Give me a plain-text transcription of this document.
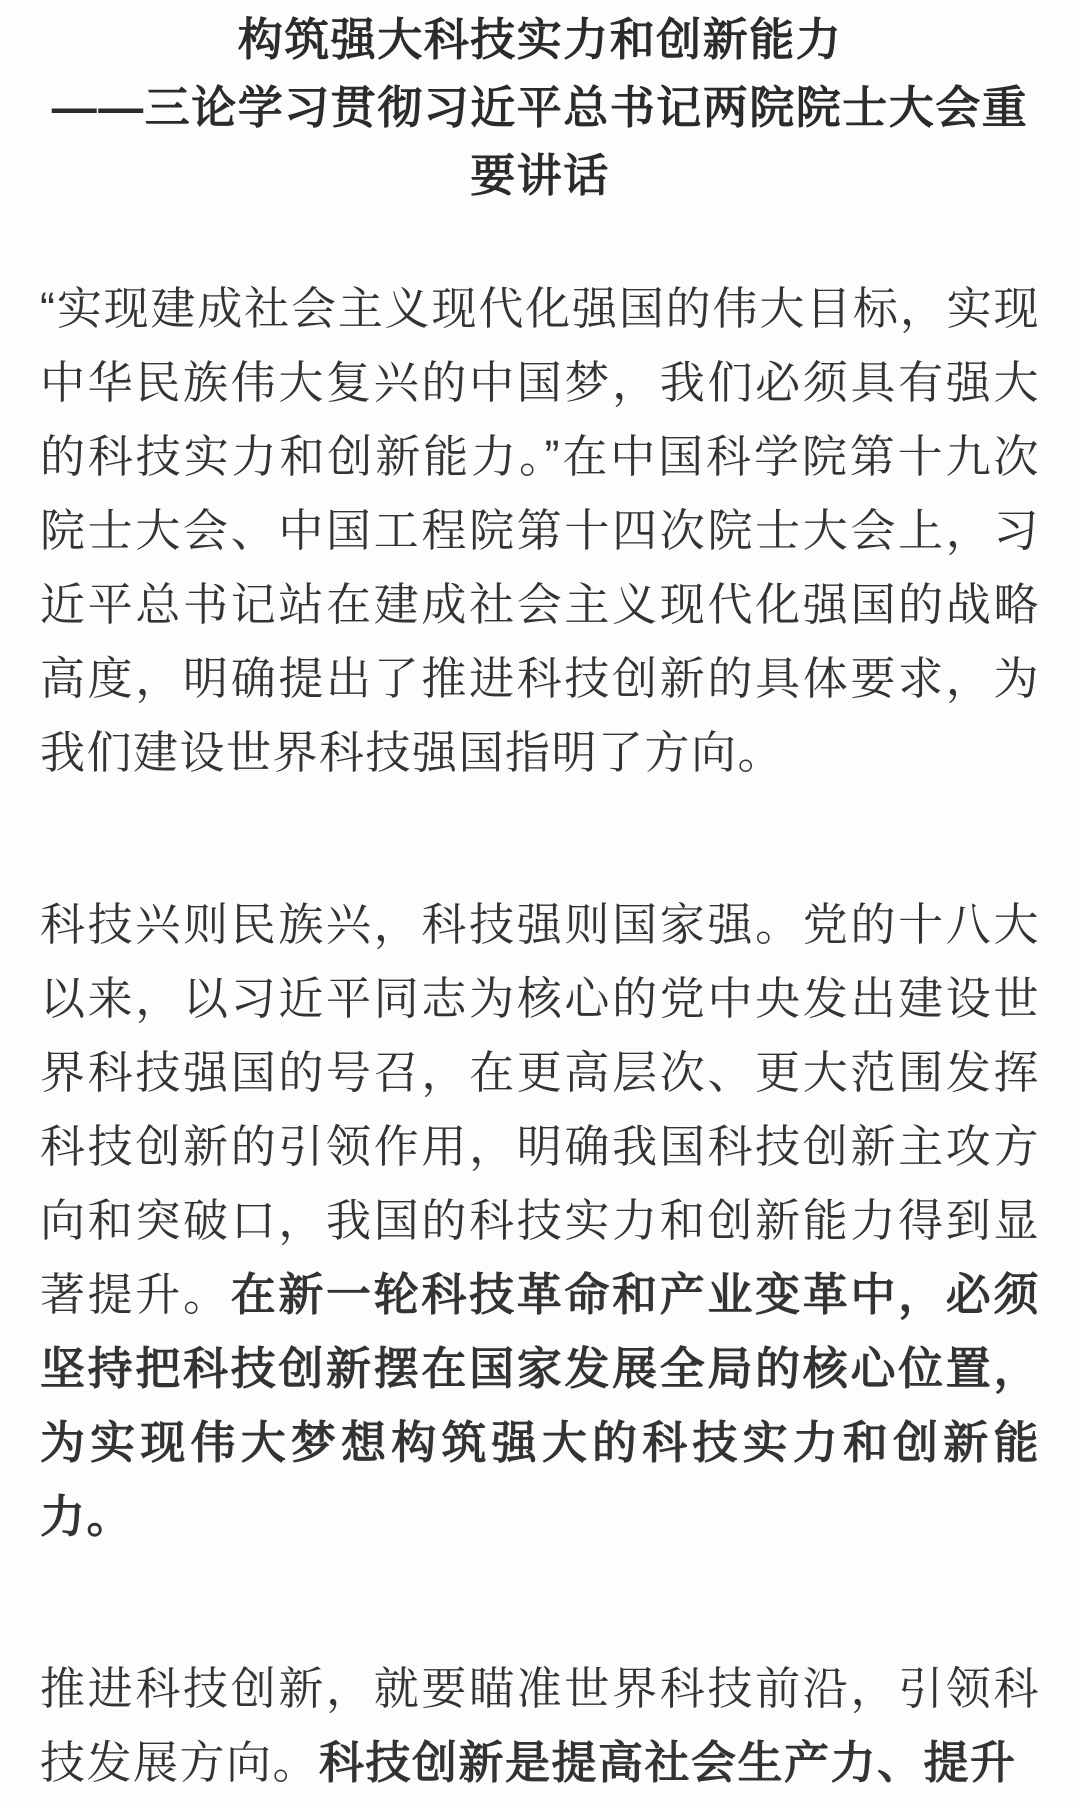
构筑强大科技实力和创新能力
——三论学习贯彻习近平总书记两院院士大会重要讲话

“实现建成社会主义现代化强国的伟大目标，实现中华民族伟大复兴的中国梦，我们必须具有强大的科技实力和创新能力。”在中国科学院第十九次院士大会、中国工程院第十四次院士大会上，习近平总书记站在建成社会主义现代化强国的战略高度，明确提出了推进科技创新的具体要求，为我们建设世界科技强国指明了方向。

科技兴则民族兴，科技强则国家强。党的十八大以来，以习近平同志为核心的党中央发出建设世界科技强国的号召，在更高层次、更大范围发挥科技创新的引领作用，明确我国科技创新主攻方向和突破口，我国的科技实力和创新能力得到显著提升。在新一轮科技革命和产业变革中，必须坚持把科技创新摆在国家发展全局的核心位置，为实现伟大梦想构筑强大的科技实力和创新能力。

推进科技创新，就要瞄准世界科技前沿，引领科技发展方向。科技创新是提高社会生产力、提升
